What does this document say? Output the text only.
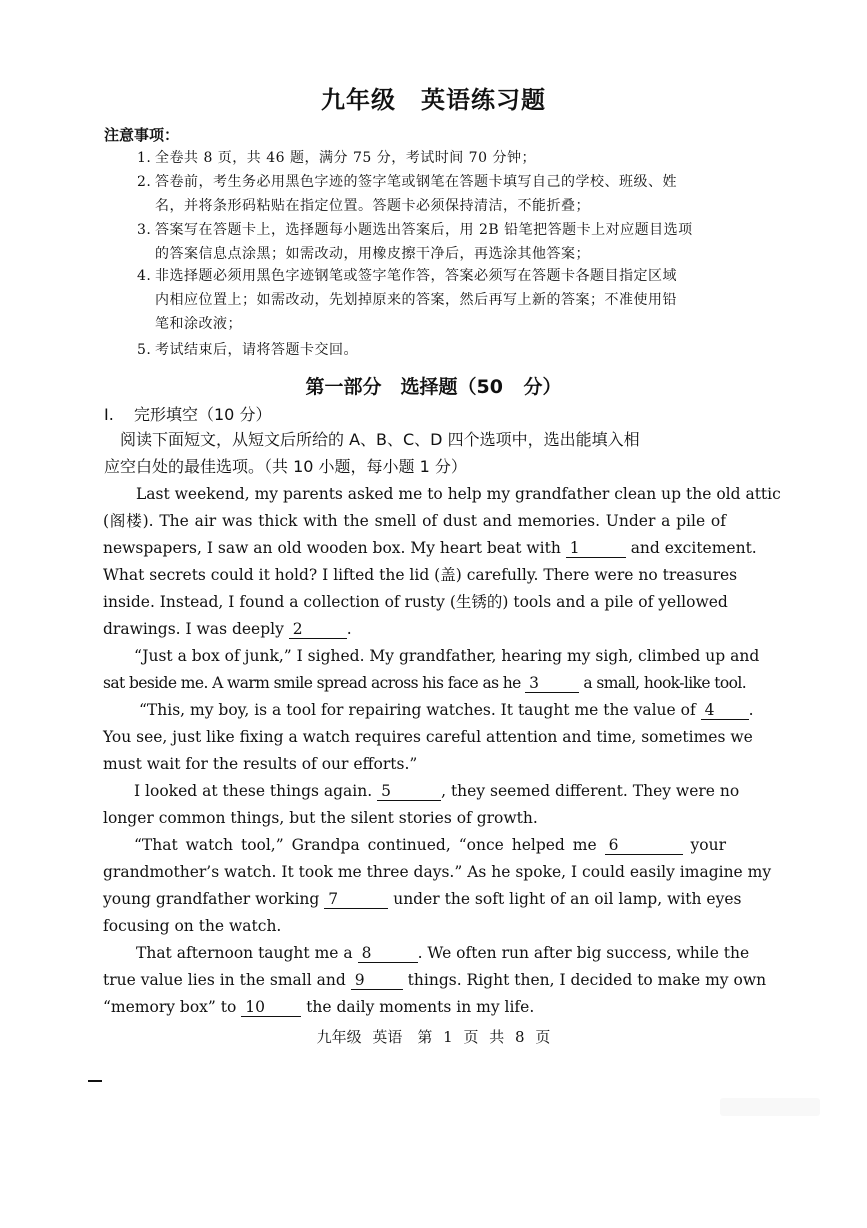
九年级　英语练习题
注意事项：
1. 全卷共 8 页，共 46 题，满分 75 分，考试时间 70 分钟；
2. 答卷前，考生务必用黑色字迹的签字笔或钢笔在答题卡填写自己的学校、班级、姓
名，并将条形码粘贴在指定位置。答题卡必须保持清洁，不能折叠；
3. 答案写在答题卡上，选择题每小题选出答案后，用 2B 铅笔把答题卡上对应题目选项
的答案信息点涂黑；如需改动，用橡皮擦干净后，再选涂其他答案；
4. 非选择题必须用黑色字迹钢笔或签字笔作答，答案必须写在答题卡各题目指定区域
内相应位置上；如需改动，先划掉原来的答案，然后再写上新的答案；不准使用铅
笔和涂改液；
5. 考试结束后，请将答题卡交回。
第一部分　选择题（50 分）
I. 完形填空（10 分）
　阅读下面短文，从短文后所给的 A、B、C、D 四个选项中，选出能填入相
应空白处的最佳选项。（共 10 小题，每小题 1 分）
Last weekend, my parents asked me to help my grandfather clean up the old attic
(阁楼). The air was thick with the smell of dust and memories. Under a pile of
newspapers, I saw an old wooden box. My heart beat with 1	and excitement.
What secrets could it hold? I lifted the lid (盖) carefully. There were no treasures
inside. Instead, I found a collection of rusty (生锈的) tools and a pile of yellowed
drawings. I was deeply 2	.
“Just a box of junk,” I sighed. My grandfather, hearing my sigh, climbed up and
sat beside me. A warm smile spread across his face as he 3	a small, hook-like tool.
“This, my boy, is a tool for repairing watches. It taught me the value of 4 .
You see, just like fixing a watch requires careful attention and time, sometimes we
must wait for the results of our efforts.”
I looked at these things again. 5	, they seemed different. They were no
longer common things, but the silent stories of growth.
“That watch tool,” Grandpa continued, “once helped me 6	your
grandmother’s watch. It took me three days.” As he spoke, I could easily imagine my
young grandfather working 7	under the soft light of an oil lamp, with eyes
focusing on the watch.
That afternoon taught me a 8	. We often run after big success, while the
true value lies in the small and 9	things. Right then, I decided to make my own
“memory box” to 10	the daily moments in my life.
九年级 英语　第 1 页 共 8 页
